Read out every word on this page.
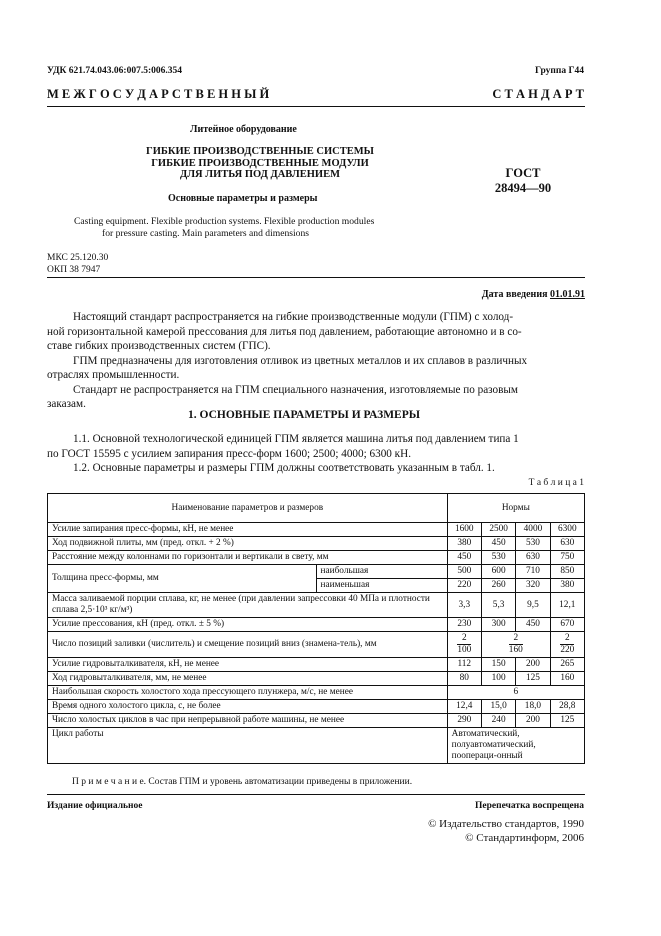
УДК 621.74.043.06:007.5:006.354	Группа Г44
М Е Ж Г О С У Д А Р С Т В Е Н Н Ы Й	С Т А Н Д А Р Т
Литейное оборудование
ГИБКИЕ ПРОИЗВОДСТВЕННЫЕ СИСТЕМЫ
ГИБКИЕ ПРОИЗВОДСТВЕННЫЕ МОДУЛИ
ДЛЯ ЛИТЬЯ ПОД ДАВЛЕНИЕМ
Основные параметры и размеры
ГОСТ
28494—90
Casting equipment. Flexible production systems. Flexible production modules
for pressure casting. Main parameters and dimensions
МКС 25.120.30
ОКП 38 7947
Дата введения 01.01.91
Настоящий стандарт распространяется на гибкие производственные модули (ГПМ) с холод-
ной горизонтальной камерой прессования для литья под давлением, работающие автономно и в со-
ставе гибких производственных систем (ГПС).
ГПМ предназначены для изготовления отливок из цветных металлов и их сплавов в различных
отраслях промышленности.
Стандарт не распространяется на ГПМ специального назначения, изготовляемые по разовым
заказам.
1. ОСНОВНЫЕ ПАРАМЕТРЫ И РАЗМЕРЫ
1.1. Основной технологической единицей ГПМ является машина литья под давлением типа 1
по ГОСТ 15595 с усилием запирания пресс-форм 1600; 2500; 4000; 6300 кН.
1.2. Основные параметры и размеры ГПМ должны соответствовать указанным в табл. 1.
Т а б л и ц а 1
Наименование параметров и размеров		Нормы			
Усилие запирания пресс-формы, кН, не менее		1600	2500	4000	6300
Ход подвижной плиты, мм (пред. откл. + 2 %)		380	450	530	630
Расстояние между колоннами по горизонтали и вертикали в свету, мм		450	530	630	750
Толщина пресс-формы, мм	наибольшая	500	600	710	850
	наименьшая	220	260	320	380
Масса заливаемой порции сплава, кг, не менее (при давлении запрессовки 40 МПа и плотности сплава 2,5·10³ кг/м³)		3,3	5,3	9,5	12,1
Усилие прессования, кН (пред. откл. ± 5 %)		230	300	450	670
Число позиций заливки (числитель) и смещение позиций вниз (знамена-тель), мм		$\frac{2}{100}$	$\frac{2}{160}$		$\frac{2}{220}$

Усилие гидровыталкивателя, кН, не менее		112	150	200	265
Ход гидровыталкивателя, мм, не менее		80	100	125	160
Наибольшая скорость холостого хода прессующего плунжера, м/с, не менее		6			
Время одного холостого цикла, с, не более		12,4	15,0	18,0	28,8
Число холостых циклов в час при непрерывной работе машины, не менее		290	240	200	125
Цикл работы		Автоматический, полуавтоматический, поопераци-онный			
П р и м е ч а н и е. Состав ГПМ и уровень автоматизации приведены в приложении.
Издание официальное	Перепечатка воспрещена
© Издательство стандартов, 1990
© Стандартинформ, 2006
